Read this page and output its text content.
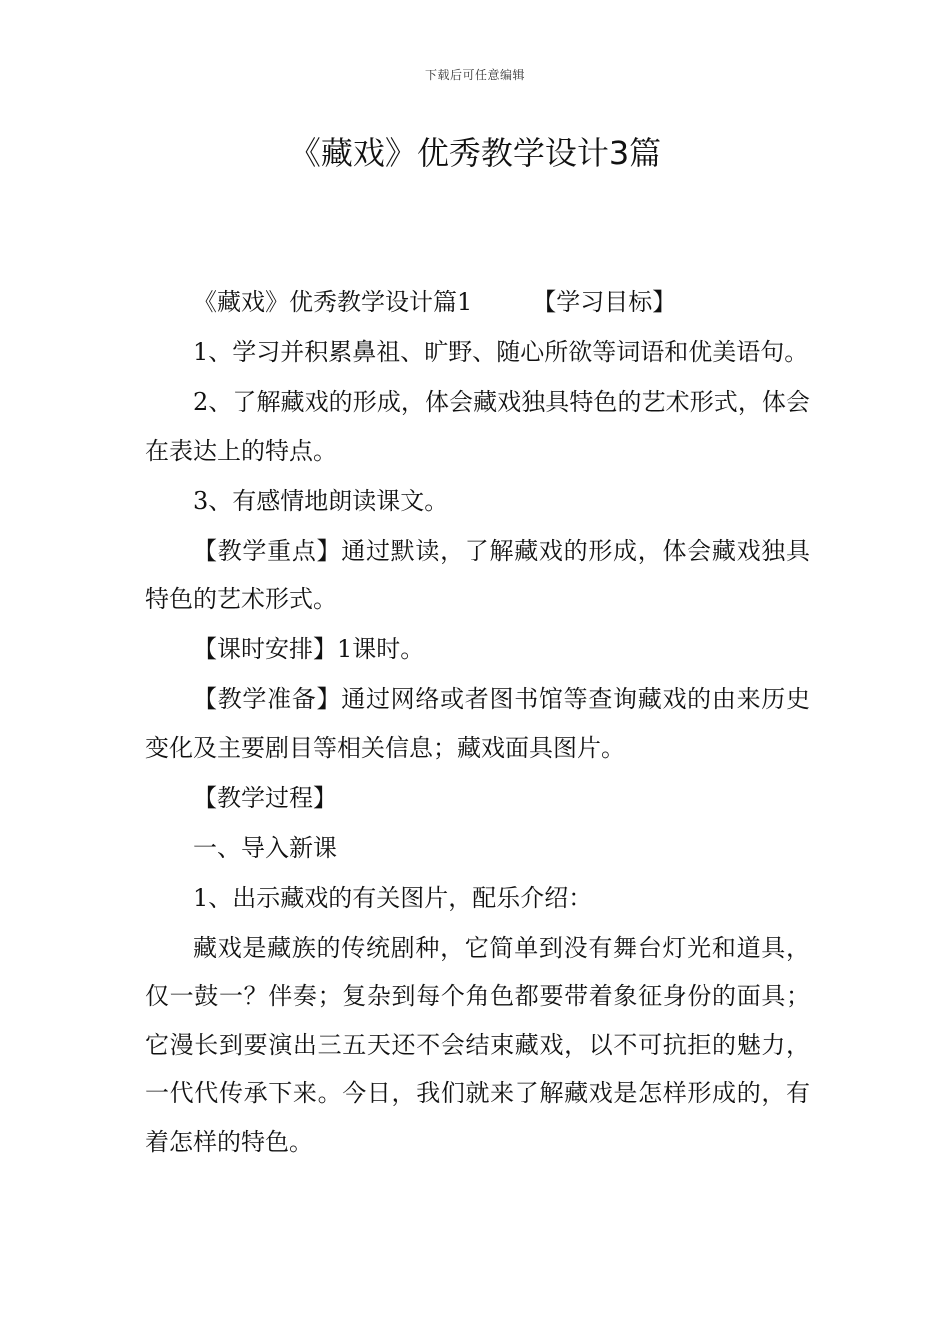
下载后可任意编辑
《藏戏》优秀教学设计3篇

《藏戏》优秀教学设计篇1	【学习目标】

1、学习并积累鼻祖、旷野、随心所欲等词语和优美语句。

2、了解藏戏的形成，体会藏戏独具特色的艺术形式，体会在表达上的特点。

3、有感情地朗读课文。

【教学重点】通过默读，了解藏戏的形成，体会藏戏独具特色的艺术形式。

【课时安排】1课时。

【教学准备】通过网络或者图书馆等查询藏戏的由来历史变化及主要剧目等相关信息；藏戏面具图片。

【教学过程】

一、导入新课

1、出示藏戏的有关图片，配乐介绍：

藏戏是藏族的传统剧种，它简单到没有舞台灯光和道具，仅一鼓一？伴奏；复杂到每个角色都要带着象征身份的面具；它漫长到要演出三五天还不会结束藏戏，以不可抗拒的魅力，一代代传承下来。今日，我们就来了解藏戏是怎样形成的，有着怎样的特色。
